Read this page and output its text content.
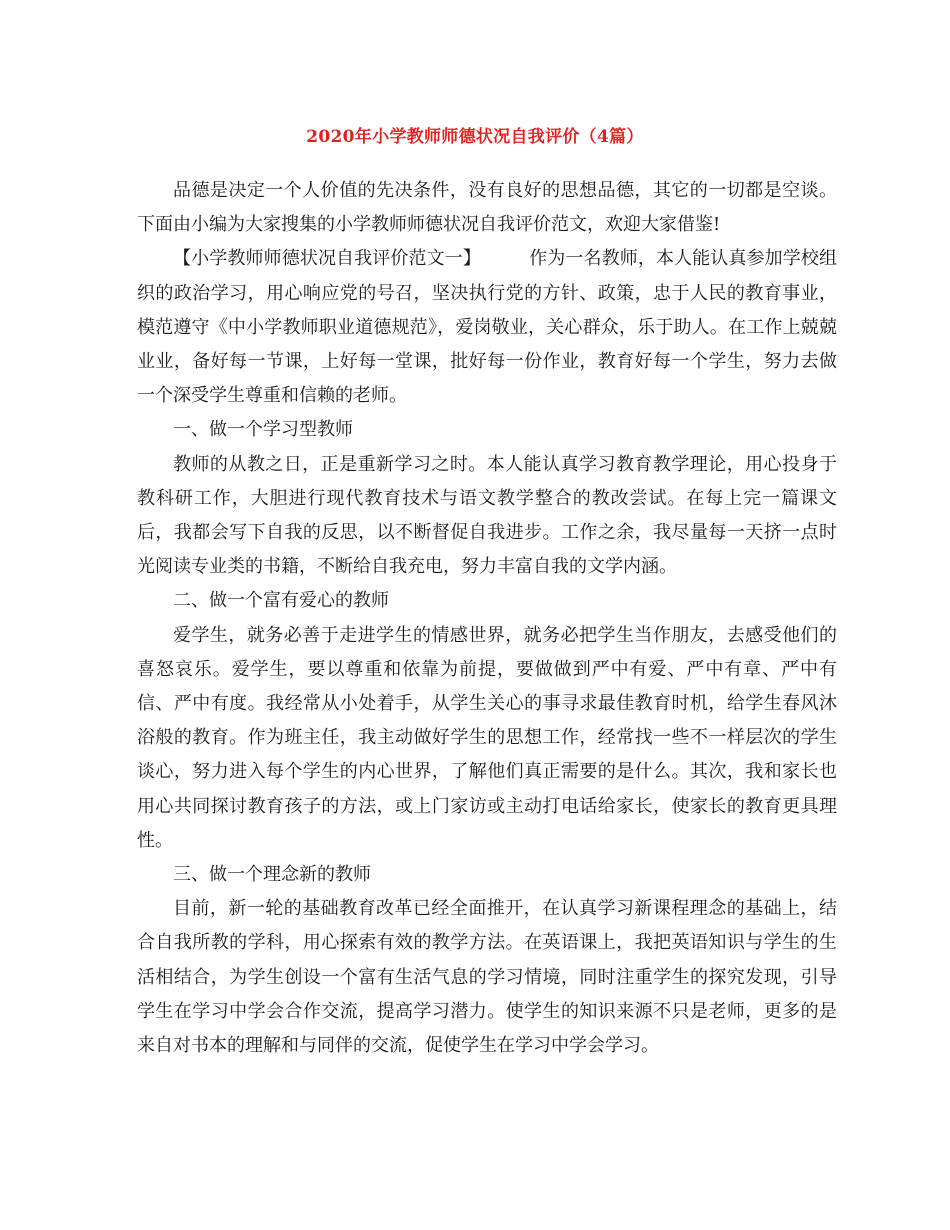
2020年小学教师师德状况自我评价（4篇）

品德是决定一个人价值的先决条件，没有良好的思想品德，其它的一切都是空谈。下面由小编为大家搜集的小学教师师德状况自我评价范文，欢迎大家借鉴!

【小学教师师德状况自我评价范文一】	作为一名教师，本人能认真参加学校组织的政治学习，用心响应党的号召，坚决执行党的方针、政策，忠于人民的教育事业，模范遵守《中小学教师职业道德规范》，爱岗敬业，关心群众，乐于助人。在工作上兢兢业业，备好每一节课，上好每一堂课，批好每一份作业，教育好每一个学生，努力去做一个深受学生尊重和信赖的老师。

一、做一个学习型教师

教师的从教之日，正是重新学习之时。本人能认真学习教育教学理论，用心投身于教科研工作，大胆进行现代教育技术与语文教学整合的教改尝试。在每上完一篇课文后，我都会写下自我的反思，以不断督促自我进步。工作之余，我尽量每一天挤一点时光阅读专业类的书籍，不断给自我充电，努力丰富自我的文学内涵。

二、做一个富有爱心的教师

爱学生，就务必善于走进学生的情感世界，就务必把学生当作朋友，去感受他们的喜怒哀乐。爱学生，要以尊重和依靠为前提，要做做到严中有爱、严中有章、严中有信、严中有度。我经常从小处着手，从学生关心的事寻求最佳教育时机，给学生春风沐浴般的教育。作为班主任，我主动做好学生的思想工作，经常找一些不一样层次的学生谈心，努力进入每个学生的内心世界，了解他们真正需要的是什么。其次，我和家长也用心共同探讨教育孩子的方法，或上门家访或主动打电话给家长，使家长的教育更具理性。

三、做一个理念新的教师

目前，新一轮的基础教育改革已经全面推开，在认真学习新课程理念的基础上，结合自我所教的学科，用心探索有效的教学方法。在英语课上，我把英语知识与学生的生活相结合，为学生创设一个富有生活气息的学习情境，同时注重学生的探究发现，引导学生在学习中学会合作交流，提高学习潜力。使学生的知识来源不只是老师，更多的是来自对书本的理解和与同伴的交流，促使学生在学习中学会学习。
